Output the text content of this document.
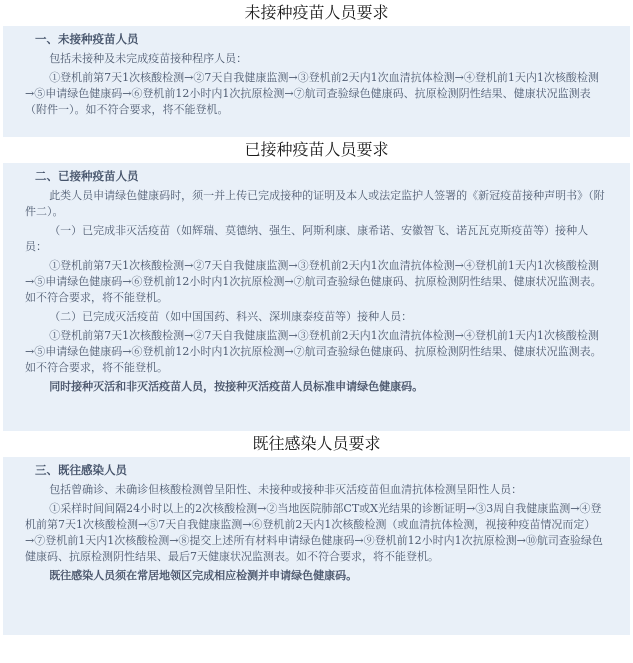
未接种疫苗人员要求
一、未接种疫苗人员

包括未接种及未完成疫苗接种程序人员：

①登机前第7天1次核酸检测→②7天自我健康监测→③登机前2天内1次血清抗体检测→④登机前1天内1次核酸检测→⑤申请绿色健康码→⑥登机前12小时内1次抗原检测→⑦航司查验绿色健康码、抗原检测阴性结果、健康状况监测表（附件一）。如不符合要求，将不能登机。

已接种疫苗人员要求
二、已接种疫苗人员

此类人员申请绿色健康码时，须一并上传已完成接种的证明及本人或法定监护人签署的《新冠疫苗接种声明书》（附件二）。

（一）已完成非灭活疫苗（如辉瑞、莫德纳、强生、阿斯利康、康希诺、安徽智飞、诺瓦瓦克斯疫苗等）接种人员：

①登机前第7天1次核酸检测→②7天自我健康监测→③登机前2天内1次血清抗体检测→④登机前1天内1次核酸检测→⑤申请绿色健康码→⑥登机前12小时内1次抗原检测→⑦航司查验绿色健康码、抗原检测阴性结果、健康状况监测表。如不符合要求，将不能登机。

（二）已完成灭活疫苗（如中国国药、科兴、深圳康泰疫苗等）接种人员：

①登机前第7天1次核酸检测→②7天自我健康监测→③登机前2天内1次血清抗体检测→④登机前1天内1次核酸检测→⑤申请绿色健康码→⑥登机前12小时内1次抗原检测→⑦航司查验绿色健康码、抗原检测阴性结果、健康状况监测表。如不符合要求，将不能登机。

同时接种灭活和非灭活疫苗人员，按接种灭活疫苗人员标准申请绿色健康码。

既往感染人员要求
三、既往感染人员

包括曾确诊、未确诊但核酸检测曾呈阳性、未接种或接种非灭活疫苗但血清抗体检测呈阳性人员：

①采样时间间隔24小时以上的2次核酸检测→②当地医院肺部CT或X光结果的诊断证明→③3周自我健康监测→④登机前第7天1次核酸检测→⑤7天自我健康监测→⑥登机前2天内1次核酸检测（或血清抗体检测，视接种疫苗情况而定）→⑦登机前1天内1次核酸检测→⑧提交上述所有材料申请绿色健康码→⑨登机前12小时内1次抗原检测→⑩航司查验绿色健康码、抗原检测阴性结果、最后7天健康状况监测表。如不符合要求，将不能登机。

既往感染人员须在常居地领区完成相应检测并申请绿色健康码。
